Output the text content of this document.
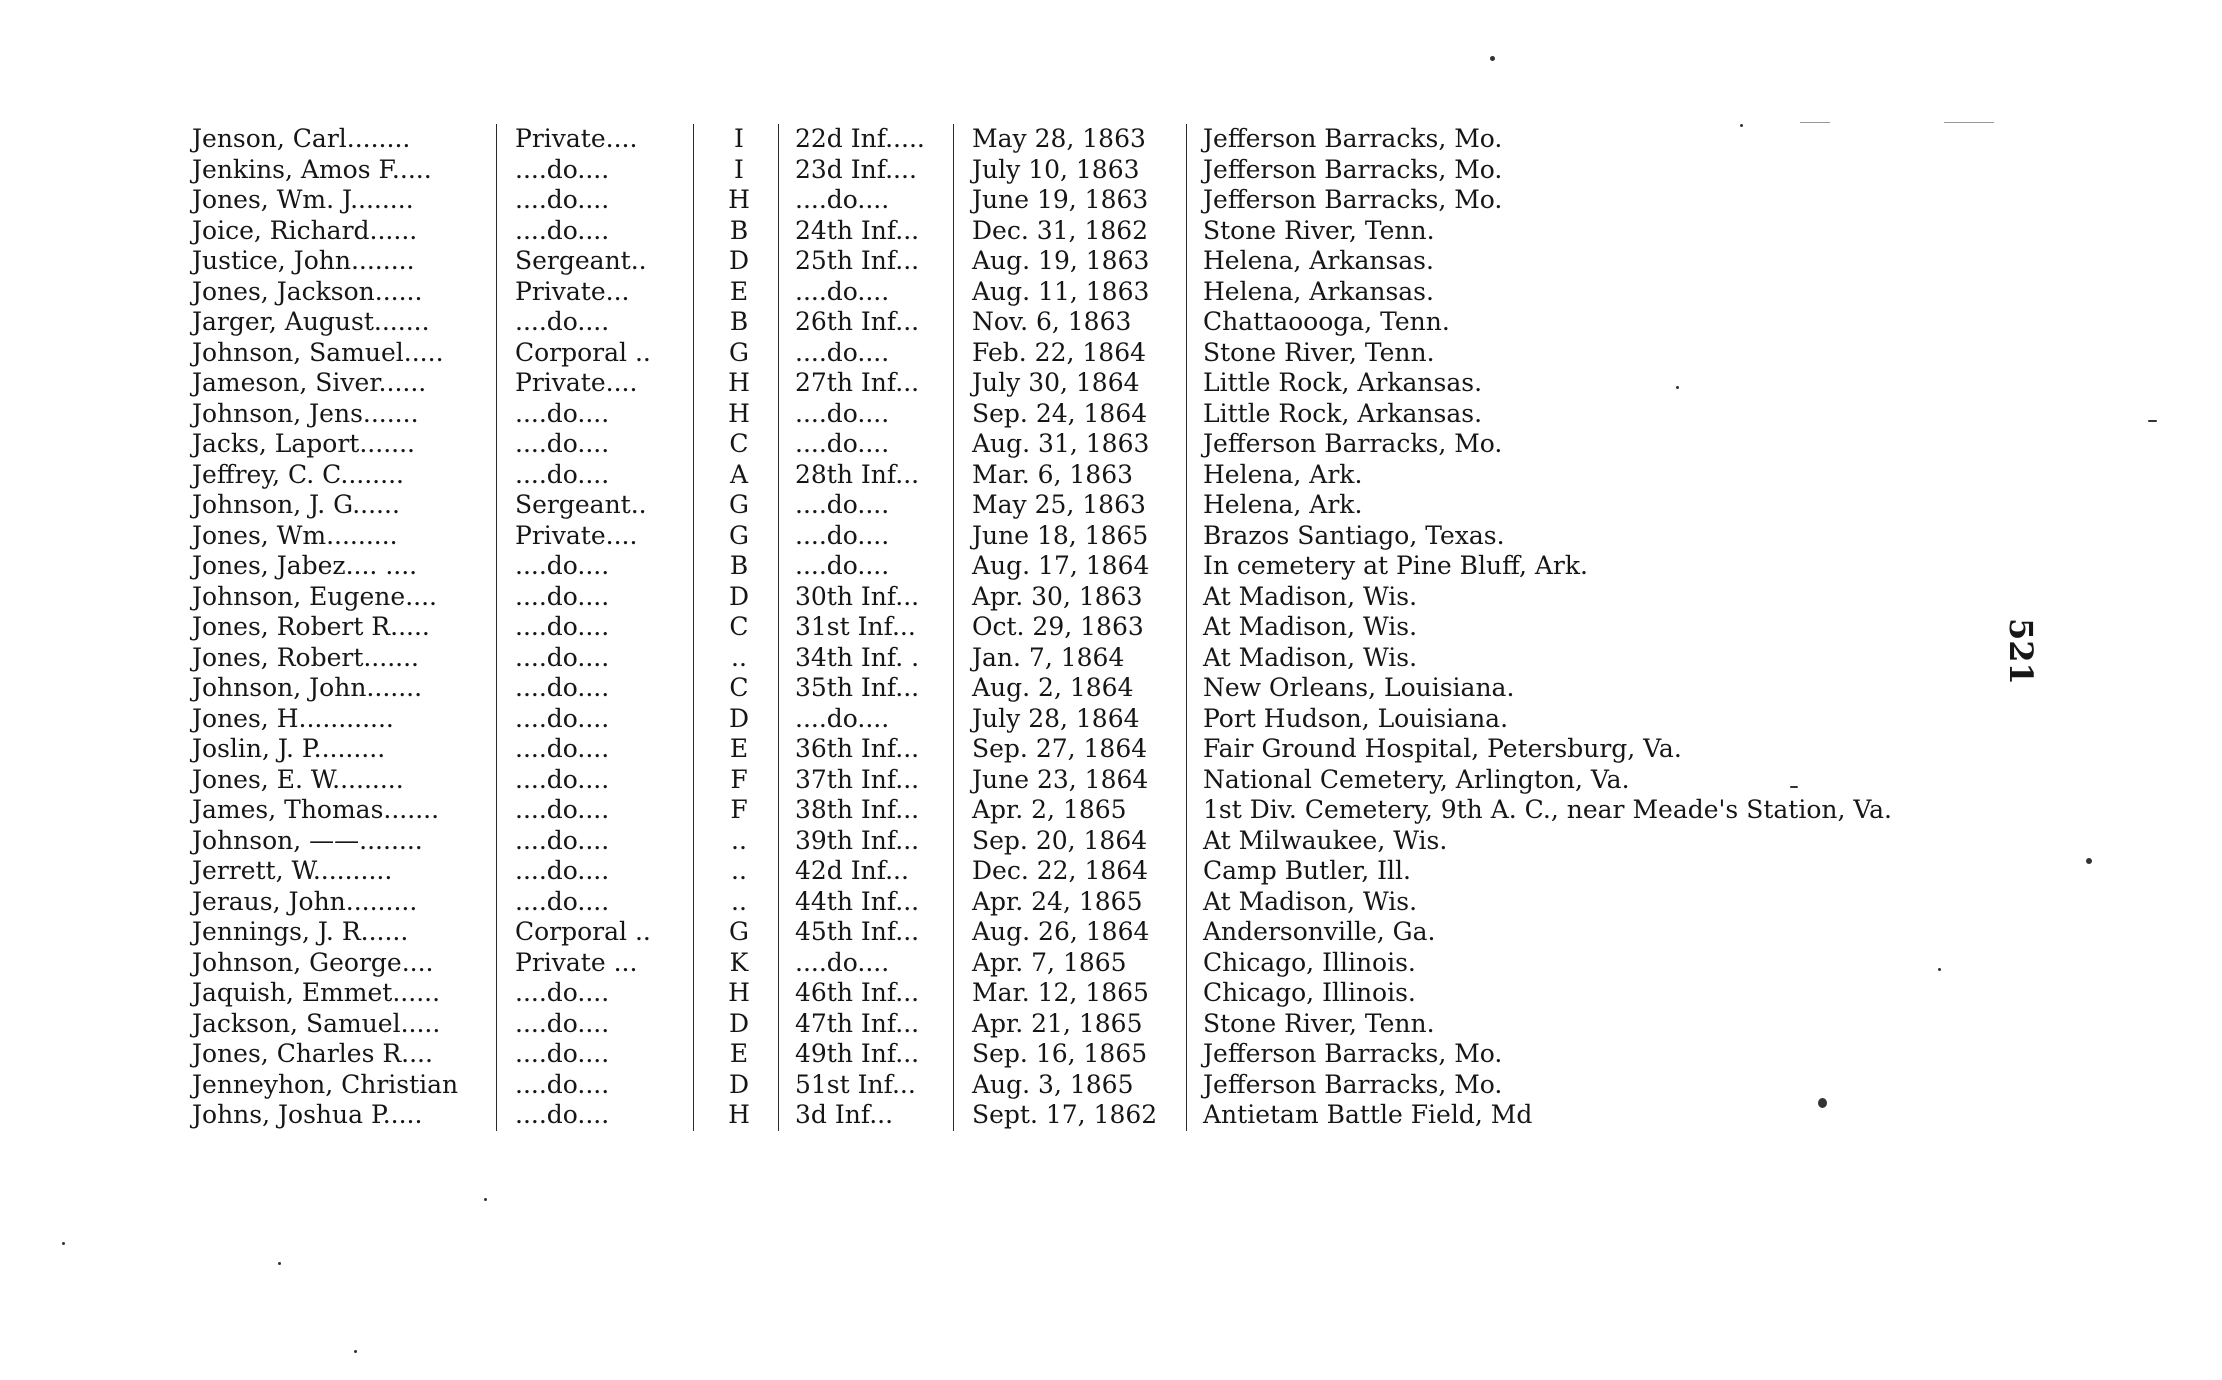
Jenson, Carl........	Private....	I	22d Inf.....	May 28, 1863	Jefferson Barracks, Mo.
Jenkins, Amos F.....	....do....	I	23d Inf....	July 10, 1863	Jefferson Barracks, Mo.
Jones, Wm. J........	....do....	H	....do....	June 19, 1863	Jefferson Barracks, Mo.
Joice, Richard......	....do....	B	24th Inf...	Dec. 31, 1862	Stone River, Tenn.
Justice, John........	Sergeant..	D	25th Inf...	Aug. 19, 1863	Helena, Arkansas.
Jones, Jackson......	Private...	E	....do....	Aug. 11, 1863	Helena, Arkansas.
Jarger, August.......	....do....	B	26th Inf...	Nov. 6, 1863	Chattaoooga, Tenn.
Johnson, Samuel.....	Corporal ..	G	....do....	Feb. 22, 1864	Stone River, Tenn.
Jameson, Siver......	Private....	H	27th Inf...	July 30, 1864	Little Rock, Arkansas.
Johnson, Jens.......	....do....	H	....do....	Sep. 24, 1864	Little Rock, Arkansas.
Jacks, Laport.......	....do....	C	....do....	Aug. 31, 1863	Jefferson Barracks, Mo.
Jeffrey, C. C........	....do....	A	28th Inf...	Mar. 6, 1863	Helena, Ark.
Johnson, J. G......	Sergeant..	G	....do....	May 25, 1863	Helena, Ark.
Jones, Wm.........	Private....	G	....do....	June 18, 1865	Brazos Santiago, Texas.
Jones, Jabez.... ....	....do....	B	....do....	Aug. 17, 1864	In cemetery at Pine Bluff, Ark.
Johnson, Eugene....	....do....	D	30th Inf...	Apr. 30, 1863	At Madison, Wis.
Jones, Robert R.....	....do....	C	31st Inf...	Oct. 29, 1863	At Madison, Wis.
Jones, Robert.......	....do....	..	34th Inf. .	Jan. 7, 1864	At Madison, Wis.
Johnson, John.......	....do....	C	35th Inf...	Aug. 2, 1864	New Orleans, Louisiana.
Jones, H............	....do....	D	....do....	July 28, 1864	Port Hudson, Louisiana.
Joslin, J. P.........	....do....	E	36th Inf...	Sep. 27, 1864	Fair Ground Hospital, Petersburg, Va.
Jones, E. W.........	....do....	F	37th Inf...	June 23, 1864	National Cemetery, Arlington, Va.
James, Thomas.......	....do....	F	38th Inf...	Apr. 2, 1865	1st Div. Cemetery, 9th A. C., near Meade's Station, Va.
Johnson, ——........	....do....	..	39th Inf...	Sep. 20, 1864	At Milwaukee, Wis.
Jerrett, W..........	....do....	..	42d Inf...	Dec. 22, 1864	Camp Butler, Ill.
Jeraus, John.........	....do....	..	44th Inf...	Apr. 24, 1865	At Madison, Wis.
Jennings, J. R......	Corporal ..	G	45th Inf...	Aug. 26, 1864	Andersonville, Ga.
Johnson, George....	Private ...	K	....do....	Apr. 7, 1865	Chicago, Illinois.
Jaquish, Emmet......	....do....	H	46th Inf...	Mar. 12, 1865	Chicago, Illinois.
Jackson, Samuel.....	....do....	D	47th Inf...	Apr. 21, 1865	Stone River, Tenn.
Jones, Charles R....	....do....	E	49th Inf...	Sep. 16, 1865	Jefferson Barracks, Mo.
Jenneyhon, Christian	....do....	D	51st Inf...	Aug. 3, 1865	Jefferson Barracks, Mo.
Johns, Joshua P.....	....do....	H	3d Inf...	Sept. 17, 1862	Antietam Battle Field, Md
521
